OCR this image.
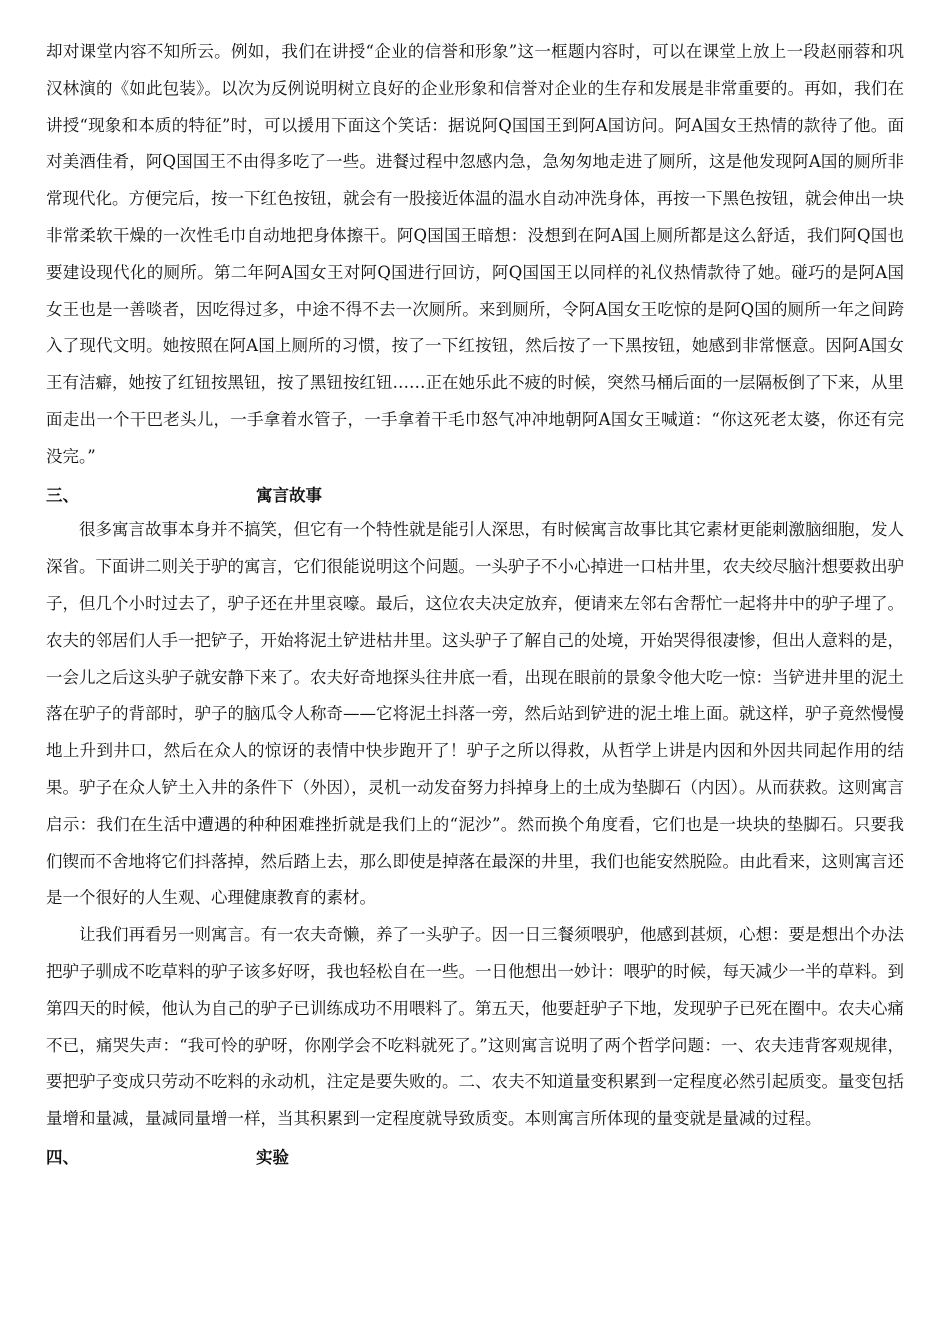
却对课堂内容不知所云。例如，我们在讲授“企业的信誉和形象”这一框题内容时，可以在课堂上放上一段赵丽蓉和巩汉林演的《如此包装》。以次为反例说明树立良好的企业形象和信誉对企业的生存和发展是非常重要的。再如，我们在讲授“现象和本质的特征”时，可以援用下面这个笑话：据说阿Q国国王到阿A国访问。阿A国女王热情的款待了他。面对美酒佳肴，阿Q国国王不由得多吃了一些。进餐过程中忽感内急，急匆匆地走进了厕所，这是他发现阿A国的厕所非常现代化。方便完后，按一下红色按钮，就会有一股接近体温的温水自动冲洗身体，再按一下黑色按钮，就会伸出一块非常柔软干燥的一次性毛巾自动地把身体擦干。阿Q国国王暗想：没想到在阿A国上厕所都是这么舒适，我们阿Q国也要建设现代化的厕所。第二年阿A国女王对阿Q国进行回访，阿Q国国王以同样的礼仪热情款待了她。碰巧的是阿A国女王也是一善啖者，因吃得过多，中途不得不去一次厕所。来到厕所，令阿A国女王吃惊的是阿Q国的厕所一年之间跨入了现代文明。她按照在阿A国上厕所的习惯，按了一下红按钮，然后按了一下黑按钮，她感到非常惬意。因阿A国女王有洁癖，她按了红钮按黑钮，按了黑钮按红钮……正在她乐此不疲的时候，突然马桶后面的一层隔板倒了下来，从里面走出一个干巴老头儿，一手拿着水管子，一手拿着干毛巾怒气冲冲地朝阿A国女王喊道：“你这死老太婆，你还有完没完。”

三、	寓言故事

很多寓言故事本身并不搞笑，但它有一个特性就是能引人深思，有时候寓言故事比其它素材更能刺激脑细胞，发人深省。下面讲二则关于驴的寓言，它们很能说明这个问题。一头驴子不小心掉进一口枯井里，农夫绞尽脑汁想要救出驴子，但几个小时过去了，驴子还在井里哀嚎。最后，这位农夫决定放弃，便请来左邻右舍帮忙一起将井中的驴子埋了。农夫的邻居们人手一把铲子，开始将泥土铲进枯井里。这头驴子了解自己的处境，开始哭得很凄惨，但出人意料的是，一会儿之后这头驴子就安静下来了。农夫好奇地探头往井底一看，出现在眼前的景象令他大吃一惊：当铲进井里的泥土落在驴子的背部时，驴子的脑瓜令人称奇——它将泥土抖落一旁，然后站到铲进的泥土堆上面。就这样，驴子竟然慢慢地上升到井口，然后在众人的惊讶的表情中快步跑开了！驴子之所以得救，从哲学上讲是内因和外因共同起作用的结果。驴子在众人铲土入井的条件下（外因），灵机一动发奋努力抖掉身上的土成为垫脚石（内因）。从而获救。这则寓言启示：我们在生活中遭遇的种种困难挫折就是我们上的“泥沙”。然而换个角度看，它们也是一块块的垫脚石。只要我们锲而不舍地将它们抖落掉，然后踏上去，那么即使是掉落在最深的井里，我们也能安然脱险。由此看来，这则寓言还是一个很好的人生观、心理健康教育的素材。

让我们再看另一则寓言。有一农夫奇懒，养了一头驴子。因一日三餐须喂驴，他感到甚烦，心想：要是想出个办法把驴子驯成不吃草料的驴子该多好呀，我也轻松自在一些。一日他想出一妙计：喂驴的时候，每天减少一半的草料。到第四天的时候，他认为自己的驴子已训练成功不用喂料了。第五天，他要赶驴子下地，发现驴子已死在圈中。农夫心痛不已，痛哭失声：“我可怜的驴呀，你刚学会不吃料就死了。”这则寓言说明了两个哲学问题：一、农夫违背客观规律，要把驴子变成只劳动不吃料的永动机，注定是要失败的。二、农夫不知道量变积累到一定程度必然引起质变。量变包括量增和量减，量减同量增一样，当其积累到一定程度就导致质变。本则寓言所体现的量变就是量减的过程。

四、	实验
